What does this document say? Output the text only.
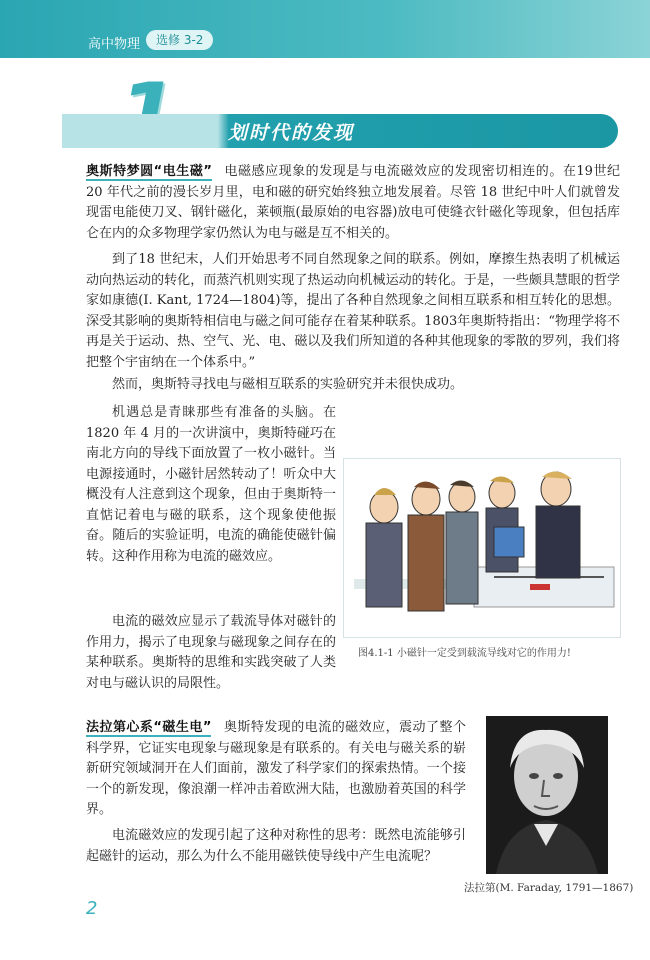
高中物理	选修 3-2
划时代的发现

奥斯特梦圆“电生磁” 电磁感应现象的发现是与电流磁效应的发现密切相连的。在19世纪 20 年代之前的漫长岁月里，电和磁的研究始终独立地发展着。尽管 18 世纪中叶人们就曾发现雷电能使刀叉、钢针磁化，莱顿瓶(最原始的电容器)放电可使缝衣针磁化等现象，但包括库仑在内的众多物理学家仍然认为电与磁是互不相关的。

到了18 世纪末，人们开始思考不同自然现象之间的联系。例如，摩擦生热表明了机械运动向热运动的转化，而蒸汽机则实现了热运动向机械运动的转化。于是，一些颇具慧眼的哲学家如康德(I. Kant, 1724—1804)等，提出了各种自然现象之间相互联系和相互转化的思想。深受其影响的奥斯特相信电与磁之间可能存在着某种联系。1803年奥斯特指出：“物理学将不再是关于运动、热、空气、光、电、磁以及我们所知道的各种其他现象的零散的罗列，我们将把整个宇宙纳在一个体系中。”

然而，奥斯特寻找电与磁相互联系的实验研究并未很快成功。

机遇总是青睐那些有准备的头脑。在1820 年 4 月的一次讲演中，奥斯特碰巧在南北方向的导线下面放置了一枚小磁针。当电源接通时，小磁针居然转动了！听众中大概没有人注意到这个现象，但由于奥斯特一直惦记着电与磁的联系，这个现象使他振奋。随后的实验证明，电流的确能使磁针偏转。这种作用称为电流的磁效应。

电流的磁效应显示了载流导体对磁针的作用力，揭示了电现象与磁现象之间存在的某种联系。奥斯特的思维和实践突破了人类对电与磁认识的局限性。

图4.1-1 小磁针一定受到载流导线对它的作用力!

法拉第心系“磁生电” 奥斯特发现的电流的磁效应，震动了整个科学界，它证实电现象与磁现象是有联系的。有关电与磁关系的崭新研究领域洞开在人们面前，激发了科学家们的探索热情。一个接一个的新发现，像浪潮一样冲击着欧洲大陆，也激励着英国的科学界。

电流磁效应的发现引起了这种对称性的思考：既然电流能够引起磁针的运动，那么为什么不能用磁铁使导线中产生电流呢？

法拉第(M. Faraday, 1791—1867)
2
